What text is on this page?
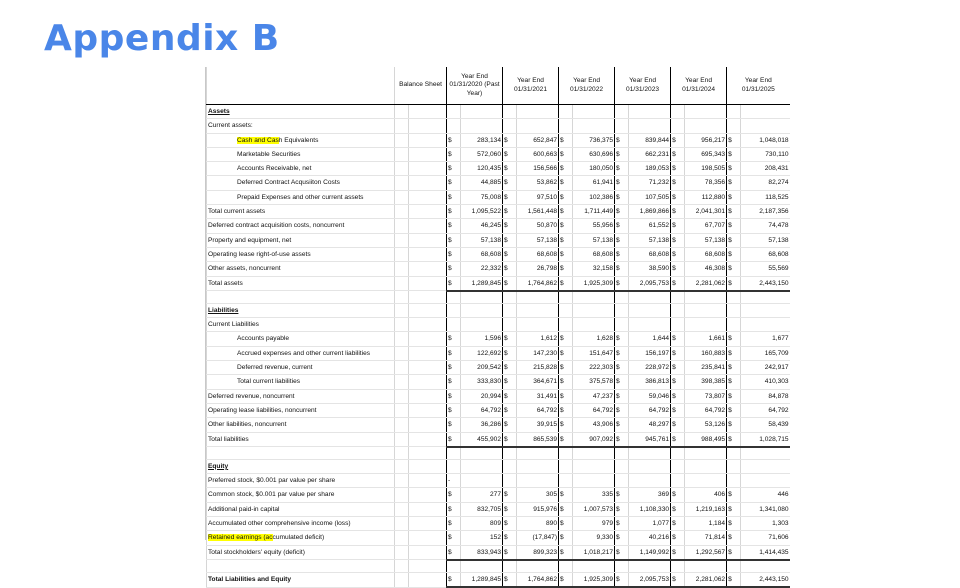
Appendix B
	Balance Sheet		Year End 01/31/2020 (Past Year)		Year End 01/31/2021		Year End 01/31/2022		Year End 01/31/2023		Year End 01/31/2024		Year End 01/31/2025	
Assets														
Current assets:														
Cash and Cash Equivalents			$	283,134	$	652,847	$	736,375	$	839,844	$	956,217	$	1,048,018
Marketable Securities			$	572,060	$	600,663	$	630,696	$	662,231	$	695,343	$	730,110
Accounts Receivable, net			$	120,435	$	156,566	$	180,050	$	189,053	$	198,505	$	208,431
Deferred Contract Acqusiiton Costs			$	44,885	$	53,862	$	61,941	$	71,232	$	78,356	$	82,274
Prepaid Expenses and other current assets			$	75,008	$	97,510	$	102,386	$	107,505	$	112,880	$	118,525
Total current assets			$	1,095,522	$	1,561,448	$	1,711,449	$	1,869,866	$	2,041,301	$	2,187,356
Deferred contract acquisition costs, noncurrent			$	46,245	$	50,870	$	55,956	$	61,552	$	67,707	$	74,478
Property and equipment, net			$	57,138	$	57,138	$	57,138	$	57,138	$	57,138	$	57,138
Operating lease right-of-use assets			$	68,608	$	68,608	$	68,608	$	68,608	$	68,608	$	68,608
Other assets, noncurrent			$	22,332	$	26,798	$	32,158	$	38,590	$	46,308	$	55,569
Total assets			$	1,289,845	$	1,764,862	$	1,925,309	$	2,095,753	$	2,281,062	$	2,443,150

Liabilities														
Current Liabilities														
Accounts payable			$	1,596	$	1,612	$	1,628	$	1,644	$	1,661	$	1,677
Accrued expenses and other current liabilities			$	122,692	$	147,230	$	151,647	$	156,197	$	160,883	$	165,709
Deferred revenue, current			$	209,542	$	215,828	$	222,303	$	228,972	$	235,841	$	242,917
Total current liabilities			$	333,830	$	364,671	$	375,578	$	386,813	$	398,385	$	410,303
Deferred revenue, noncurrent			$	20,994	$	31,491	$	47,237	$	59,046	$	73,807	$	84,878
Operating lease liabilities, noncurrent			$	64,792	$	64,792	$	64,792	$	64,792	$	64,792	$	64,792
Other liabilities, noncurrent			$	36,286	$	39,915	$	43,906	$	48,297	$	53,126	$	58,439
Total liabilities			$	455,902	$	865,539	$	907,092	$	945,761	$	988,495	$	1,028,715

Equity														
Preferred stock, $0.001 par value per share			-											
Common stock, $0.001 par value per share			$	277	$	305	$	335	$	369	$	406	$	446
Additional paid-in capital			$	832,705	$	915,976	$	1,007,573	$	1,108,330	$	1,219,163	$	1,341,080
Accumulated other comprehensive income (loss)			$	809	$	890	$	979	$	1,077	$	1,184	$	1,303
Retained earnings (accumulated deficit)			$	152	$	(17,847)	$	9,330	$	40,216	$	71,814	$	71,606
Total stockholders' equity (deficit)			$	833,943	$	899,323	$	1,018,217	$	1,149,992	$	1,292,567	$	1,414,435

Total Liabilities and Equity			$	1,289,845	$	1,764,862	$	1,925,309	$	2,095,753	$	2,281,062	$	2,443,150
